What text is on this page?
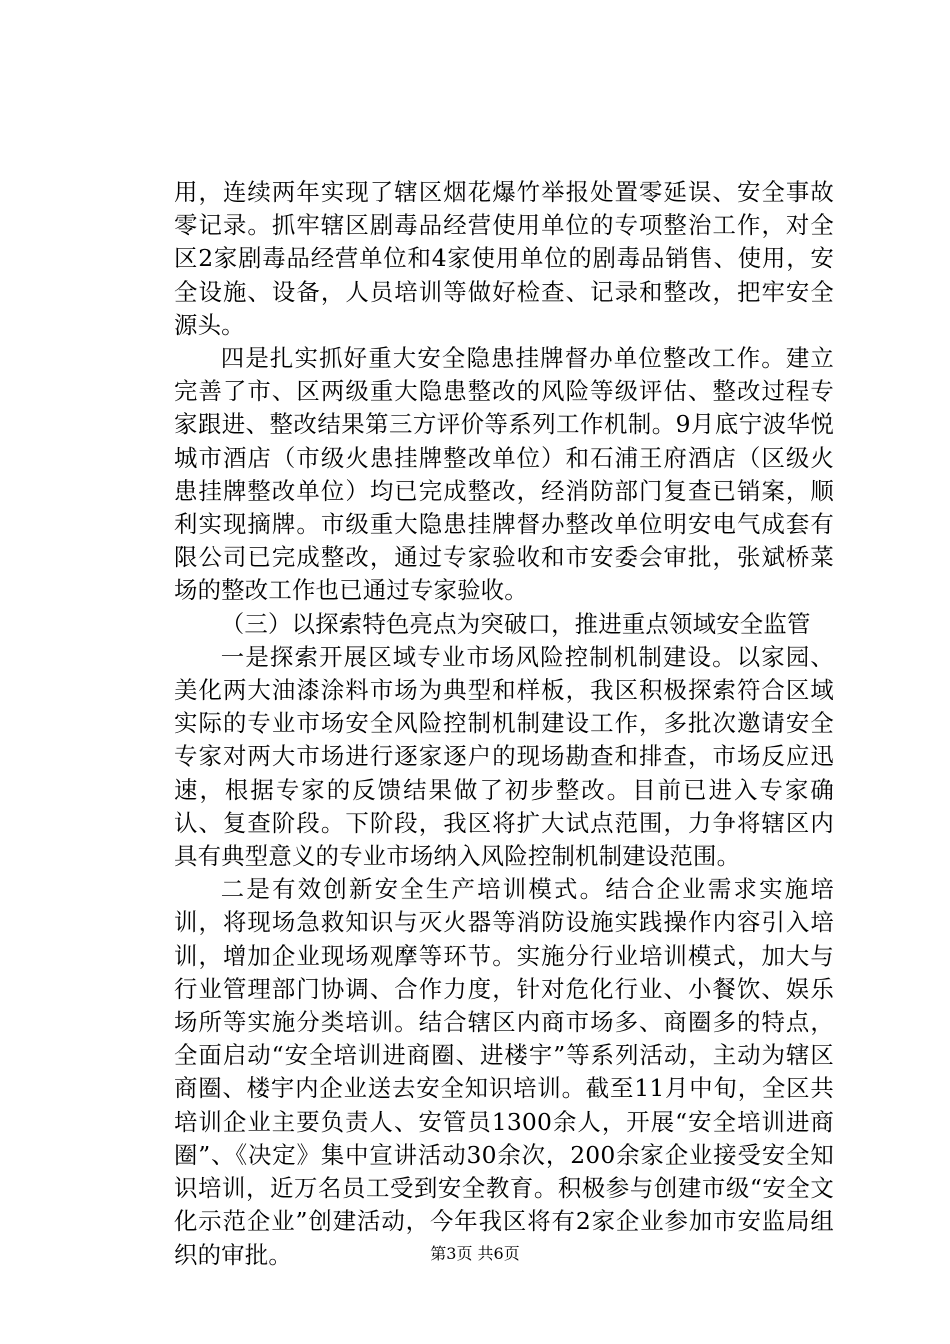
用，连续两年实现了辖区烟花爆竹举报处置零延误、安全事故零记录。抓牢辖区剧毒品经营使用单位的专项整治工作，对全区2家剧毒品经营单位和4家使用单位的剧毒品销售、使用，安全设施、设备，人员培训等做好检查、记录和整改，把牢安全源头。

四是扎实抓好重大安全隐患挂牌督办单位整改工作。建立完善了市、区两级重大隐患整改的风险等级评估、整改过程专家跟进、整改结果第三方评价等系列工作机制。9月底宁波华悦城市酒店（市级火患挂牌整改单位）和石浦王府酒店（区级火患挂牌整改单位）均已完成整改，经消防部门复查已销案，顺利实现摘牌。市级重大隐患挂牌督办整改单位明安电气成套有限公司已完成整改，通过专家验收和市安委会审批，张斌桥菜场的整改工作也已通过专家验收。

（三）以探索特色亮点为突破口，推进重点领域安全监管

一是探索开展区域专业市场风险控制机制建设。以家园、美化两大油漆涂料市场为典型和样板，我区积极探索符合区域实际的专业市场安全风险控制机制建设工作，多批次邀请安全专家对两大市场进行逐家逐户的现场勘查和排查，市场反应迅速，根据专家的反馈结果做了初步整改。目前已进入专家确认、复查阶段。下阶段，我区将扩大试点范围，力争将辖区内具有典型意义的专业市场纳入风险控制机制建设范围。

二是有效创新安全生产培训模式。结合企业需求实施培训，将现场急救知识与灭火器等消防设施实践操作内容引入培训，增加企业现场观摩等环节。实施分行业培训模式，加大与行业管理部门协调、合作力度，针对危化行业、小餐饮、娱乐场所等实施分类培训。结合辖区内商市场多、商圈多的特点，全面启动“安全培训进商圈、进楼宇”等系列活动，主动为辖区商圈、楼宇内企业送去安全知识培训。截至11月中旬，全区共培训企业主要负责人、安管员1300余人，开展“安全培训进商圈”、《决定》集中宣讲活动30余次，200余家企业接受安全知识培训，近万名员工受到安全教育。积极参与创建市级“安全文化示范企业”创建活动，今年我区将有2家企业参加市安监局组织的审批。	第3页 共6页
